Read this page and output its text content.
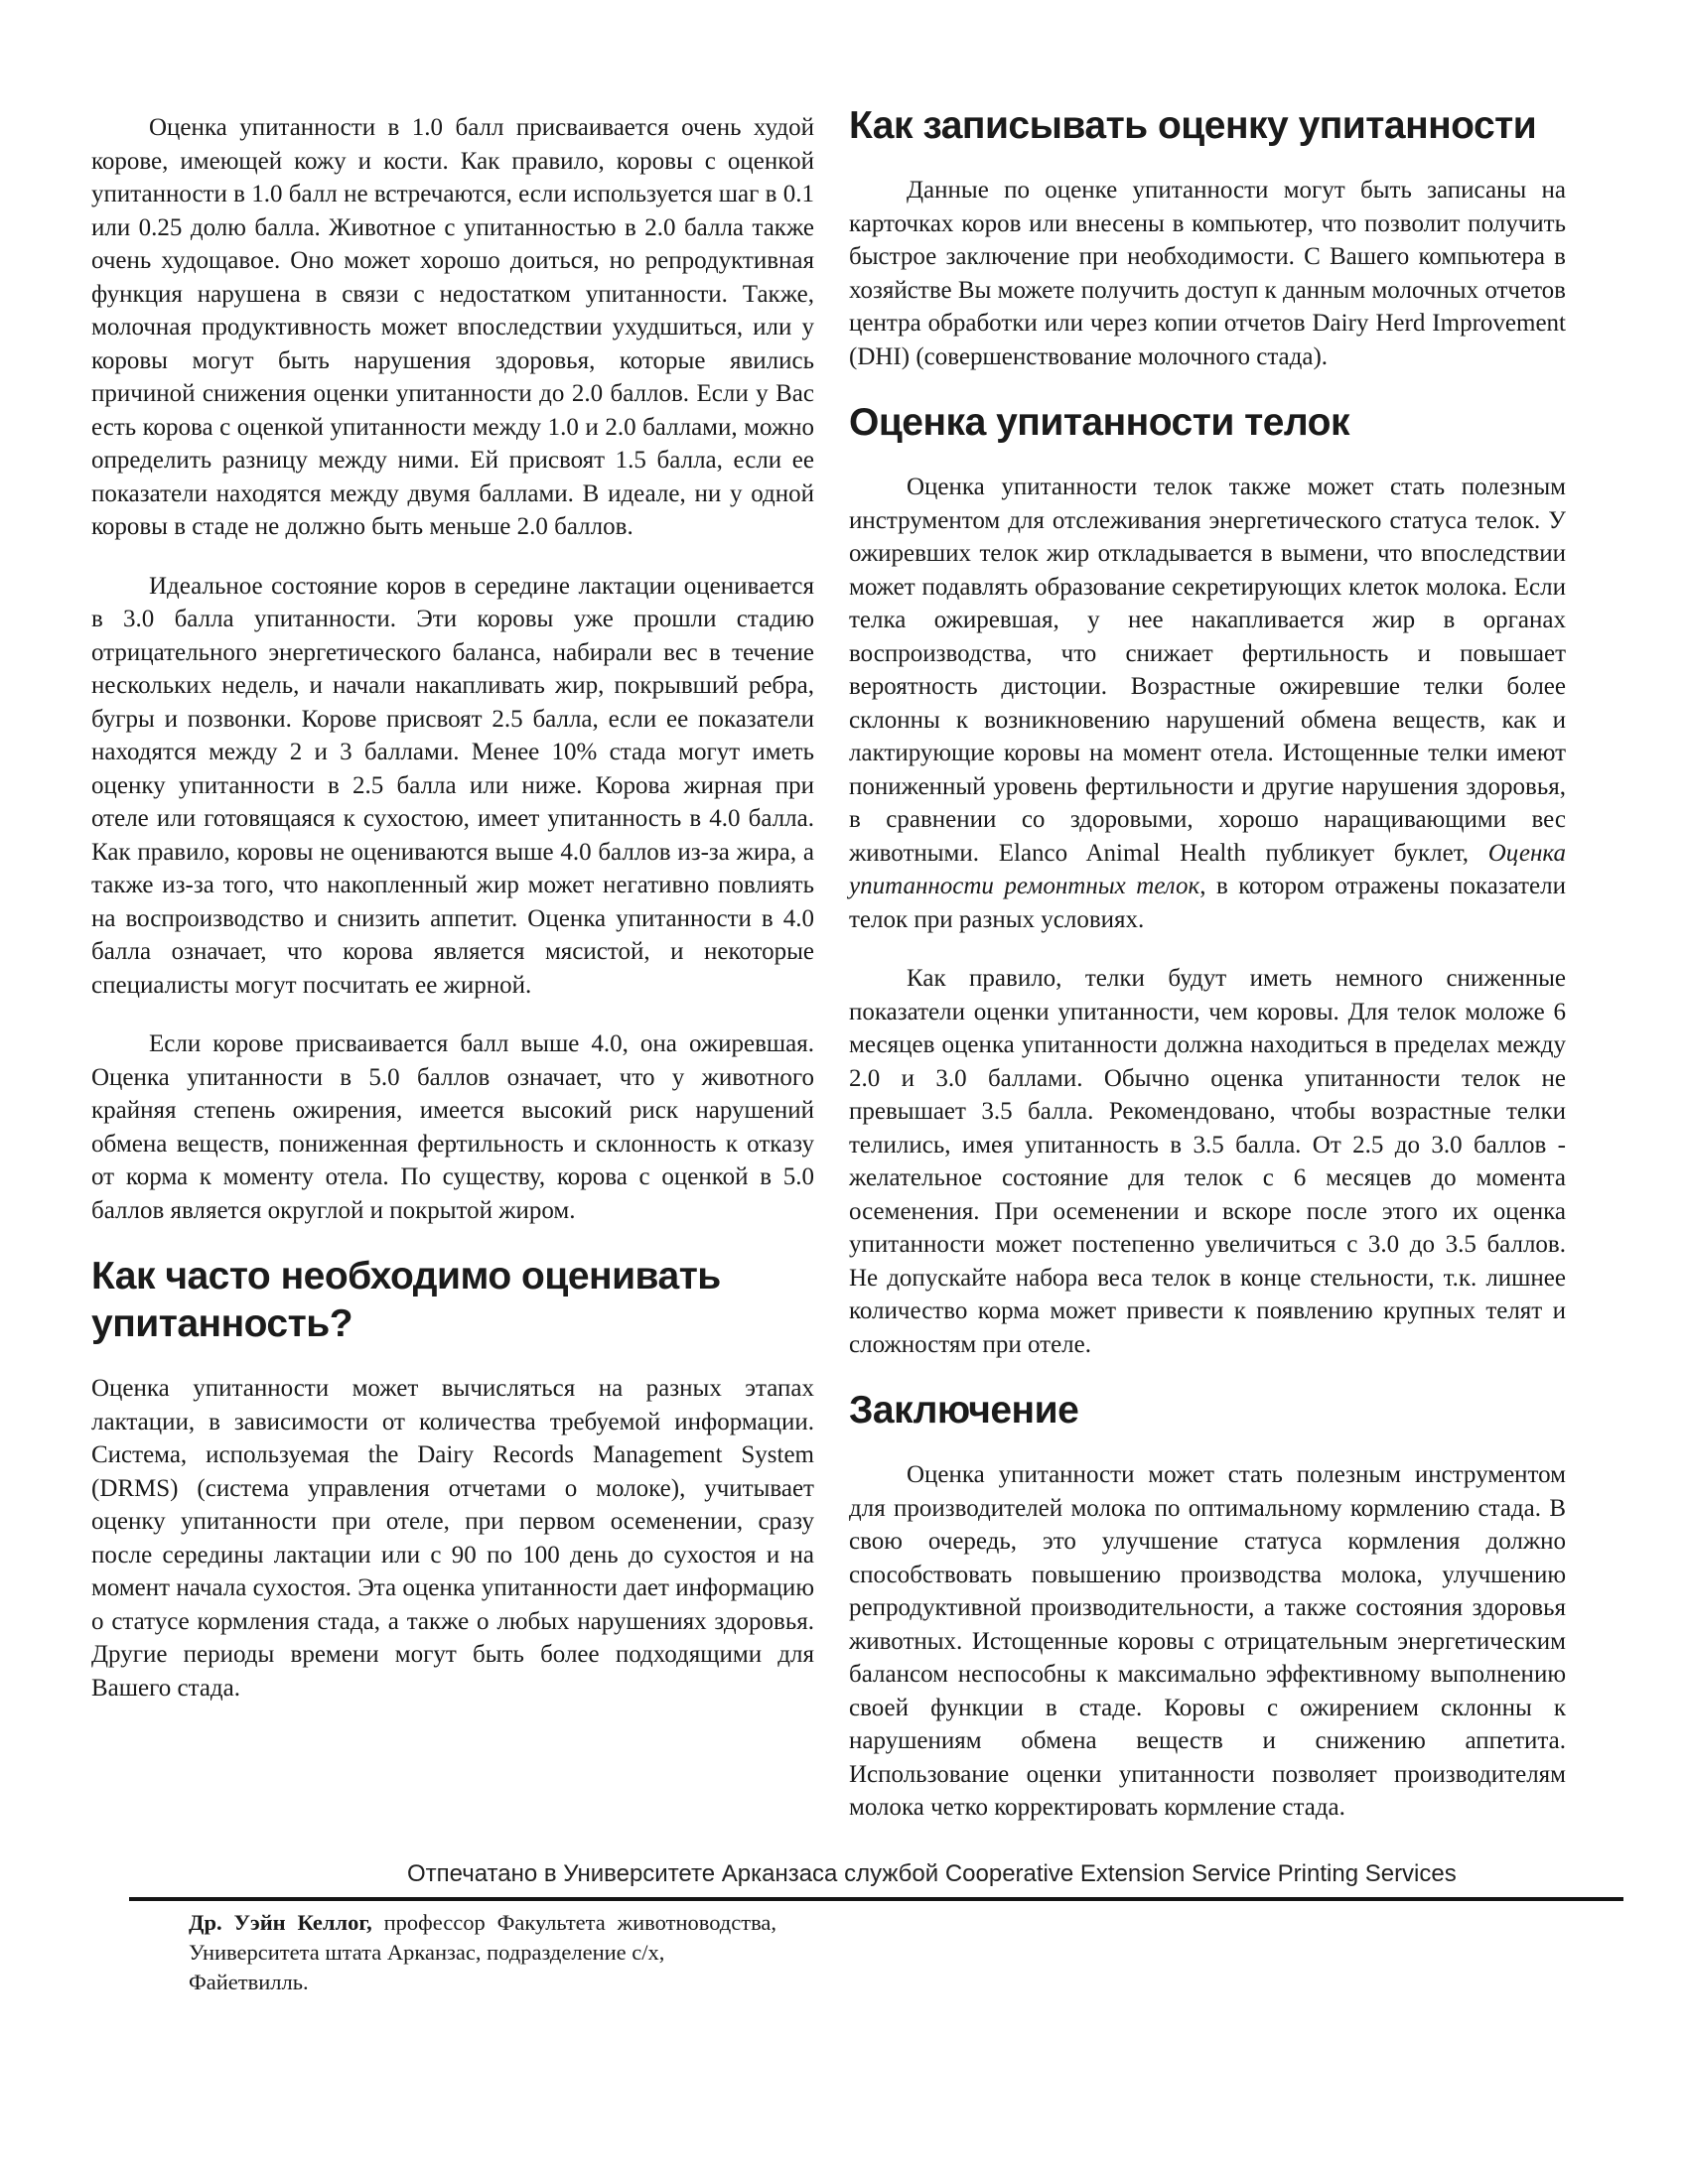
Оценка упитанности в 1.0 балл присваивается очень худой корове, имеющей кожу и кости. Как правило, коровы с оценкой упитанности в 1.0 балл не встречаются, если используется шаг в 0.1 или 0.25 долю балла. Животное с упитанностью в 2.0 балла также очень худощавое. Оно может хорошо доиться, но репродуктивная функция нарушена в связи с недостатком упитанности. Также, молочная продуктивность может впоследствии ухудшиться, или у коровы могут быть нарушения здоровья, которые явились причиной снижения оценки упитанности до 2.0 баллов. Если у Вас есть корова с оценкой упитанности между 1.0 и 2.0 баллами, можно определить разницу между ними. Ей присвоят 1.5 балла, если ее показатели находятся между двумя баллами. В идеале, ни у одной коровы в стаде не должно быть меньше 2.0 баллов.

Идеальное состояние коров в середине лактации оценивается в 3.0 балла упитанности. Эти коровы уже прошли стадию отрицательного энергетического баланса, набирали вес в течение нескольких недель, и начали накапливать жир, покрывший ребра, бугры и позвонки. Корове присвоят 2.5 балла, если ее показатели находятся между 2 и 3 баллами. Менее 10% стада могут иметь оценку упитанности в 2.5 балла или ниже. Корова жирная при отеле или готовящаяся к сухостою, имеет упитанность в 4.0 балла. Как правило, коровы не оцениваются выше 4.0 баллов из-за жира, а также из-за того, что накопленный жир может негативно повлиять на воспроизводство и снизить аппетит. Оценка упитанности в 4.0 балла означает, что корова является мясистой, и некоторые специалисты могут посчитать ее жирной.

Если корове присваивается балл выше 4.0, она ожиревшая. Оценка упитанности в 5.0 баллов означает, что у животного крайняя степень ожирения, имеется высокий риск нарушений обмена веществ, пониженная фертильность и склонность к отказу от корма к моменту отела. По существу, корова с оценкой в 5.0 баллов является округлой и покрытой жиром.

Как часто необходимо оценивать упитанность?

Оценка упитанности может вычисляться на разных этапах лактации, в зависимости от количества требуемой информации. Система, используемая the Dairy Records Management System (DRMS) (система управления отчетами о молоке), учитывает оценку упитанности при отеле, при первом осеменении, сразу после середины лактации или с 90 по 100 день до сухостоя и на момент начала сухостоя. Эта оценка упитанности дает информацию о статусе кормления стада, а также о любых нарушениях здоровья. Другие периоды времени могут быть более подходящими для Вашего стада.

Как записывать оценку упитанности

Данные по оценке упитанности могут быть записаны на карточках коров или внесены в компьютер, что позволит получить быстрое заключение при необходимости. С Вашего компьютера в хозяйстве Вы можете получить доступ к данным молочных отчетов центра обработки или через копии отчетов Dairy Herd Improvement (DHI) (совершенствование молочного стада).

Оценка упитанности телок

Оценка упитанности телок также может стать полезным инструментом для отслеживания энергетического статуса телок. У ожиревших телок жир откладывается в вымени, что впоследствии может подавлять образование секретирующих клеток молока. Если телка ожиревшая, у нее накапливается жир в органах воспроизводства, что снижает фертильность и повышает вероятность дистоции. Возрастные ожиревшие телки более склонны к возникновению нарушений обмена веществ, как и лактирующие коровы на момент отела. Истощенные телки имеют пониженный уровень фертильности и другие нарушения здоровья, в сравнении со здоровыми, хорошо наращивающими вес животными. Elanco Animal Health публикует буклет, Оценка упитанности ремонтных телок, в котором отражены показатели телок при разных условиях.

Как правило, телки будут иметь немного сниженные показатели оценки упитанности, чем коровы. Для телок моложе 6 месяцев оценка упитанности должна находиться в пределах между 2.0 и 3.0 баллами. Обычно оценка упитанности телок не превышает 3.5 балла. Рекомендовано, чтобы возрастные телки телились, имея упитанность в 3.5 балла. От 2.5 до 3.0 баллов - желательное состояние для телок с 6 месяцев до момента осеменения. При осеменении и вскоре после этого их оценка упитанности может постепенно увеличиться с 3.0 до 3.5 баллов. Не допускайте набора веса телок в конце стельности, т.к. лишнее количество корма может привести к появлению крупных телят и сложностям при отеле.

Заключение

Оценка упитанности может стать полезным инструментом для производителей молока по оптимальному кормлению стада. В свою очередь, это улучшение статуса кормления должно способствовать повышению производства молока, улучшению репродуктивной производительности, а также состояния здоровья животных. Истощенные коровы с отрицательным энергетическим балансом неспособны к максимально эффективному выполнению своей функции в стаде. Коровы с ожирением склонны к нарушениям обмена веществ и снижению аппетита. Использование оценки упитанности позволяет производителям молока четко корректировать кормление стада.

Отпечатано в Университете Арканзаса службой Cooperative Extension Service Printing Services
Др. Уэйн Келлог, профессор Факультета животноводства,
Университета штата Арканзас, подразделение с/х, Файетвилль.
